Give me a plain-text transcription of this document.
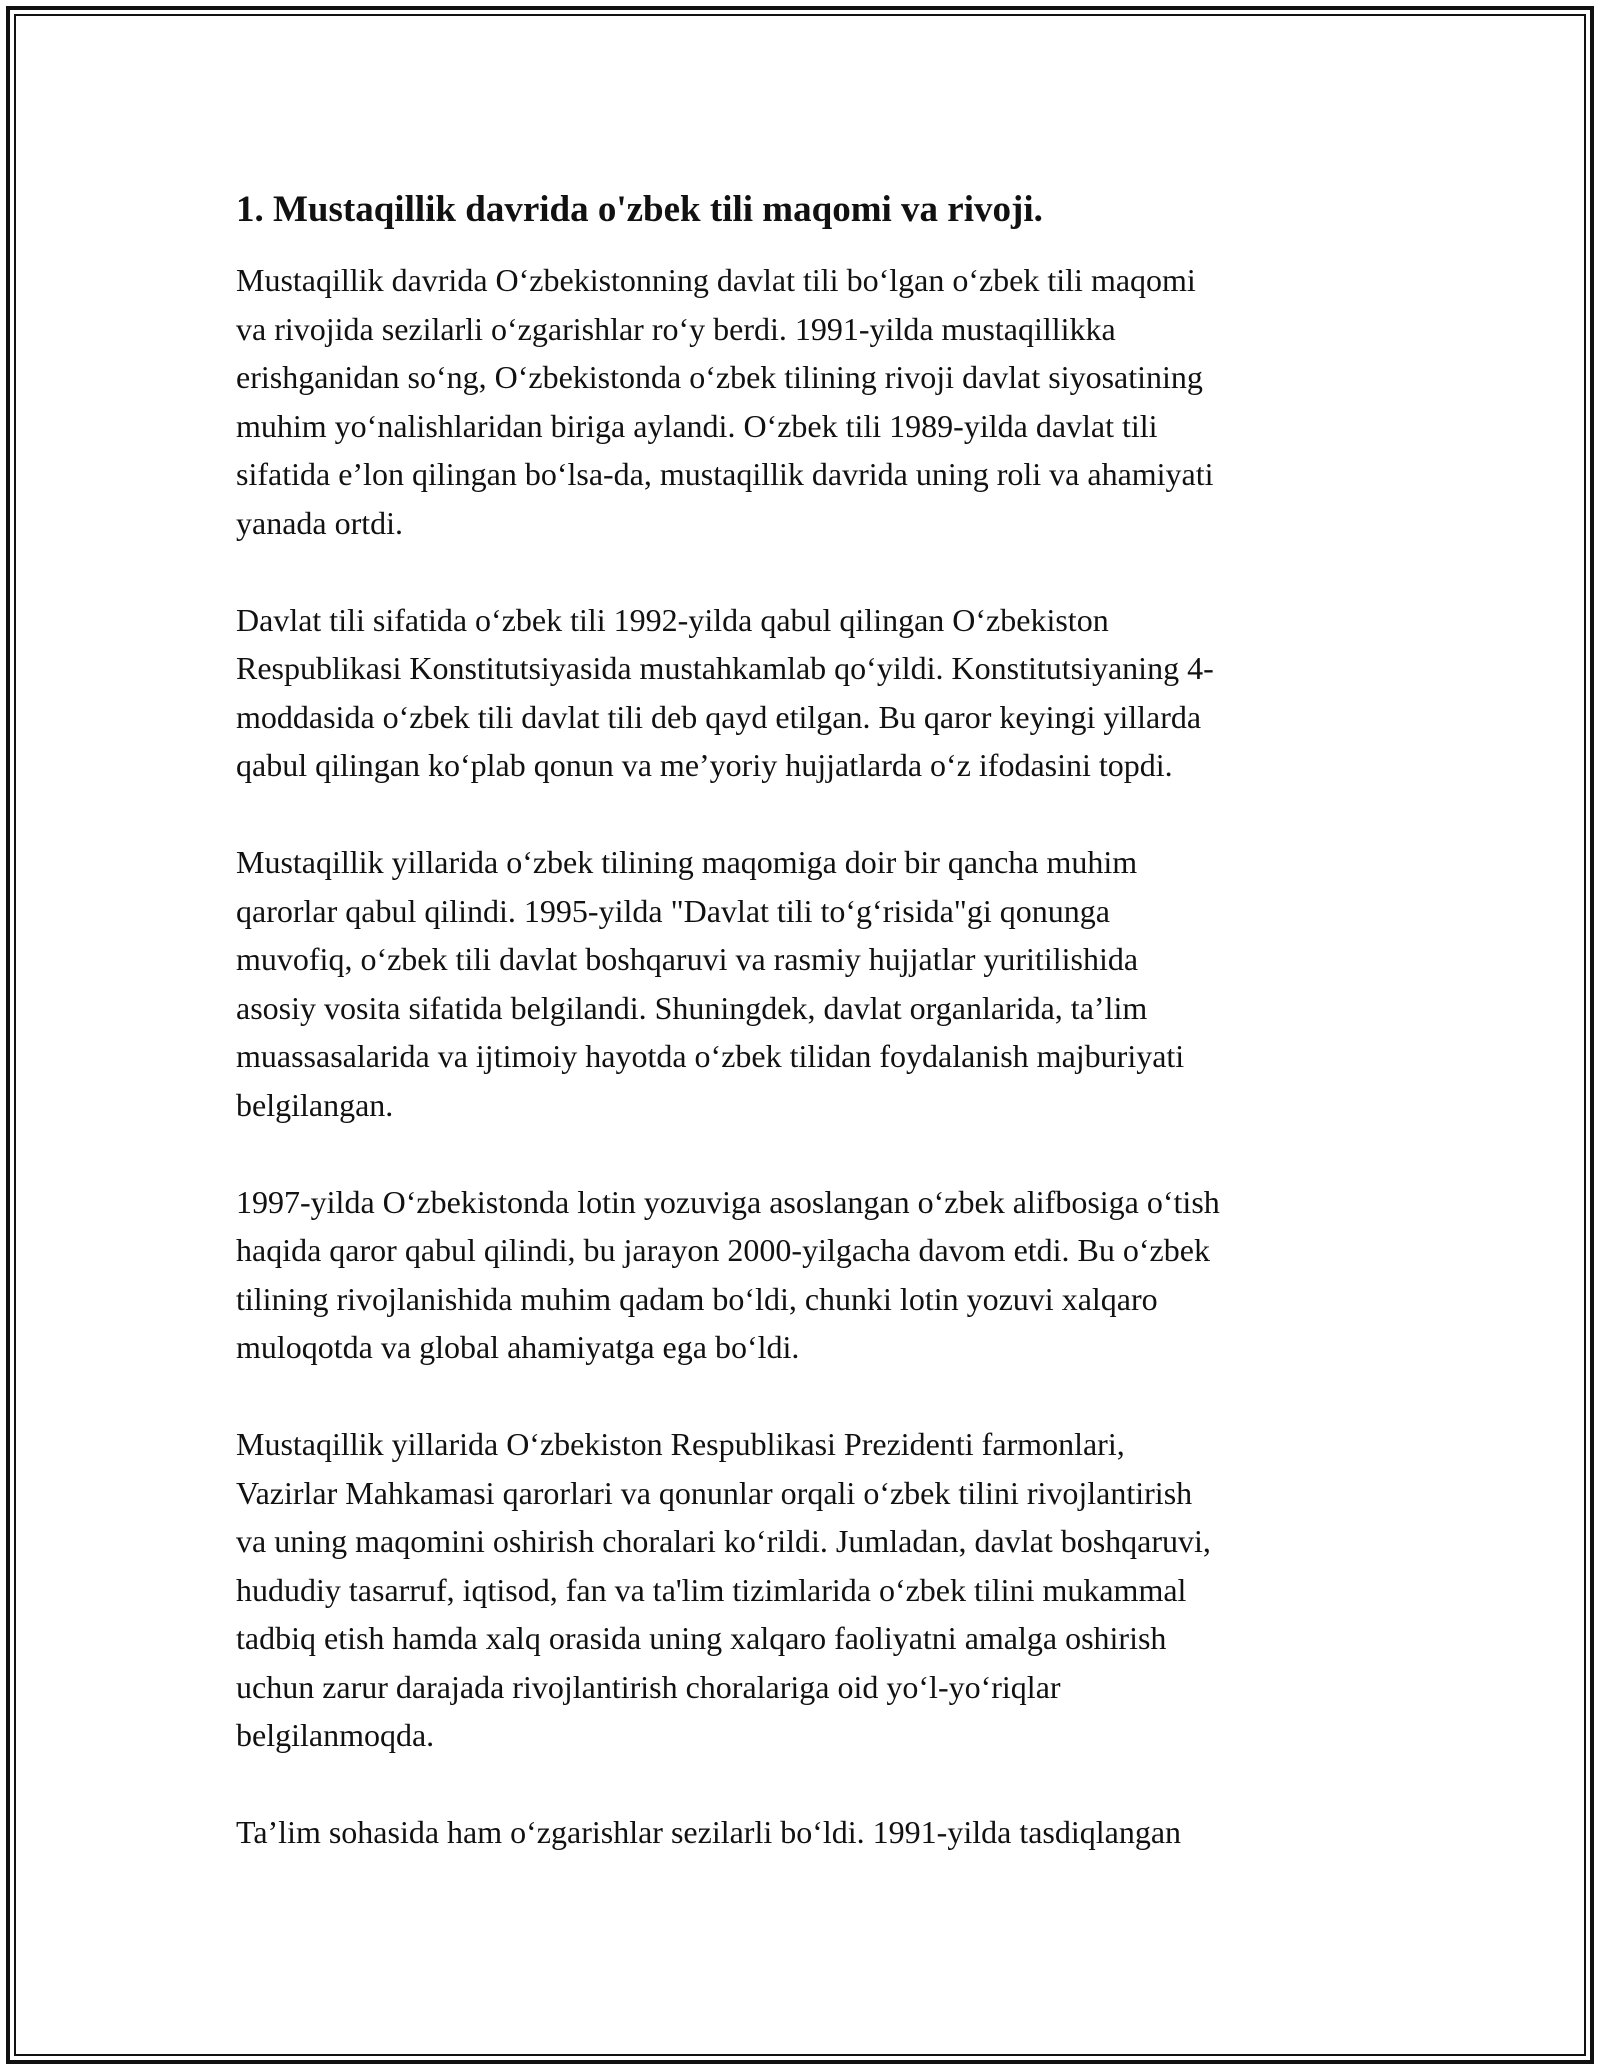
1. Mustaqillik davrida o'zbek tili maqomi va rivoji.

Mustaqillik davrida O‘zbekistonning davlat tili bo‘lgan o‘zbek tili maqomi
va rivojida sezilarli o‘zgarishlar ro‘y berdi. 1991-yilda mustaqillikka
erishganidan so‘ng, O‘zbekistonda o‘zbek tilining rivoji davlat siyosatining
muhim yo‘nalishlaridan biriga aylandi. O‘zbek tili 1989-yilda davlat tili
sifatida e’lon qilingan bo‘lsa-da, mustaqillik davrida uning roli va ahamiyati
yanada ortdi.

Davlat tili sifatida o‘zbek tili 1992-yilda qabul qilingan O‘zbekiston
Respublikasi Konstitutsiyasida mustahkamlab qo‘yildi. Konstitutsiyaning 4-
moddasida o‘zbek tili davlat tili deb qayd etilgan. Bu qaror keyingi yillarda
qabul qilingan ko‘plab qonun va me’yoriy hujjatlarda o‘z ifodasini topdi.

Mustaqillik yillarida o‘zbek tilining maqomiga doir bir qancha muhim
qarorlar qabul qilindi. 1995-yilda "Davlat tili to‘g‘risida"gi qonunga
muvofiq, o‘zbek tili davlat boshqaruvi va rasmiy hujjatlar yuritilishida
asosiy vosita sifatida belgilandi. Shuningdek, davlat organlarida, ta’lim
muassasalarida va ijtimoiy hayotda o‘zbek tilidan foydalanish majburiyati
belgilangan.

1997-yilda O‘zbekistonda lotin yozuviga asoslangan o‘zbek alifbosiga o‘tish
haqida qaror qabul qilindi, bu jarayon 2000-yilgacha davom etdi. Bu o‘zbek
tilining rivojlanishida muhim qadam bo‘ldi, chunki lotin yozuvi xalqaro
muloqotda va global ahamiyatga ega bo‘ldi.

Mustaqillik yillarida O‘zbekiston Respublikasi Prezidenti farmonlari,
Vazirlar Mahkamasi qarorlari va qonunlar orqali o‘zbek tilini rivojlantirish
va uning maqomini oshirish choralari ko‘rildi. Jumladan, davlat boshqaruvi,
hududiy tasarruf, iqtisod, fan va ta'lim tizimlarida o‘zbek tilini mukammal
tadbiq etish hamda xalq orasida uning xalqaro faoliyatni amalga oshirish
uchun zarur darajada rivojlantirish choralariga oid yo‘l-yo‘riqlar
belgilanmoqda.

Ta’lim sohasida ham o‘zgarishlar sezilarli bo‘ldi. 1991-yilda tasdiqlangan
